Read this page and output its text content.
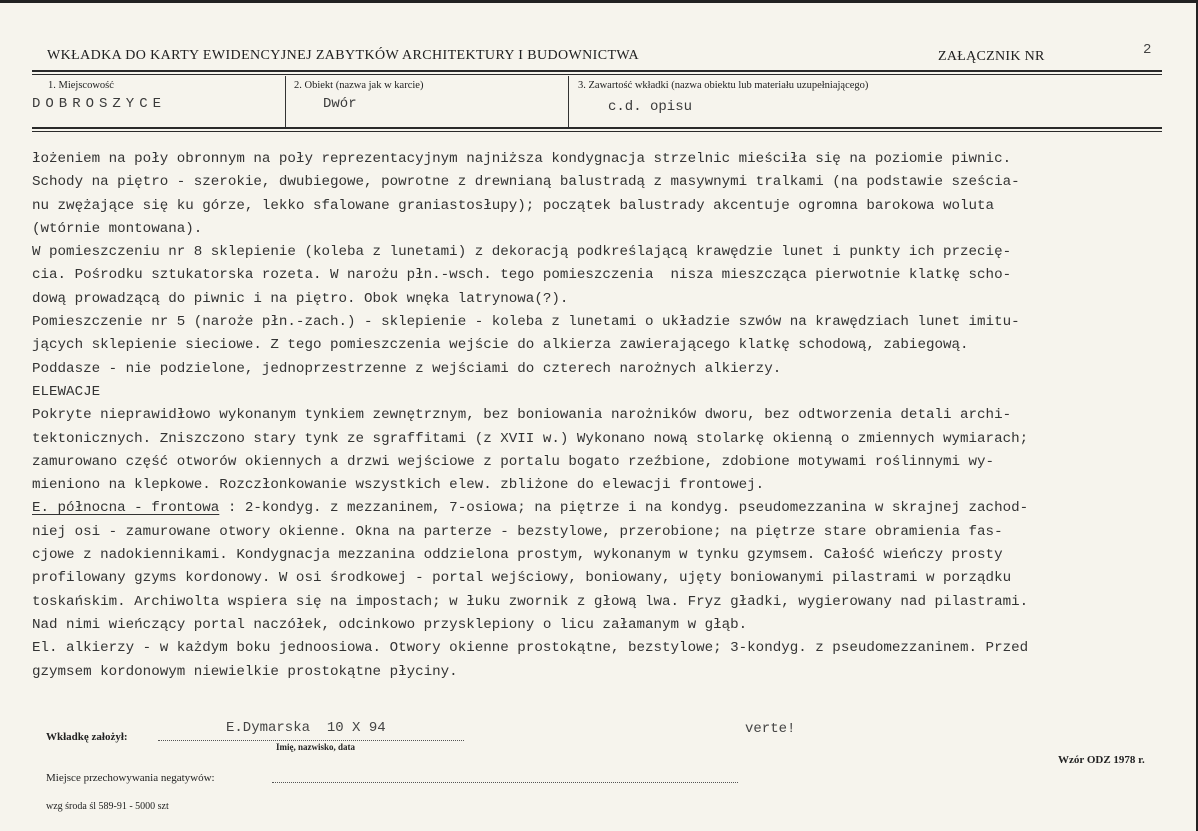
WKŁADKA DO KARTY EWIDENCYJNEJ ZABYTKÓW ARCHITEKTURY I BUDOWNICTWA	ZAŁĄCZNIK NR	2
1. Miejscowość	2. Obiekt (nazwa jak w karcie)	3. Zawartość wkładki (nazwa obiektu lub materiału uzupełniającego)
DOBROSZYCE	Dwór	c.d. opisu
łożeniem na poły obronnym na poły reprezentacyjnym najniższa kondygnacja strzelnic mieściła się na poziomie piwnic.
Schody na piętro - szerokie, dwubiegowe, powrotne z drewnianą balustradą z masywnymi tralkami (na podstawie sześcia-
nu zwężające się ku górze, lekko sfalowane graniastosłupy); początek balustrady akcentuje ogromna barokowa woluta
(wtórnie montowana).
W pomieszczeniu nr 8 sklepienie (koleba z lunetami) z dekoracją podkreślającą krawędzie lunet i punkty ich przecię-
cia. Pośrodku sztukatorska rozeta. W narożu płn.-wsch. tego pomieszczenia  nisza mieszcząca pierwotnie klatkę scho-
dową prowadzącą do piwnic i na piętro. Obok wnęka latrynowa(?).
Pomieszczenie nr 5 (naroże płn.-zach.) - sklepienie - koleba z lunetami o układzie szwów na krawędziach lunet imitu-
jących sklepienie sieciowe. Z tego pomieszczenia wejście do alkierza zawierającego klatkę schodową, zabiegową.
Poddasze - nie podzielone, jednoprzestrzenne z wejściami do czterech narożnych alkierzy.
ELEWACJE
Pokryte nieprawidłowo wykonanym tynkiem zewnętrznym, bez boniowania narożników dworu, bez odtworzenia detali archi-
tektonicznych. Zniszczono stary tynk ze sgraffitami (z XVII w.) Wykonano nową stolarkę okienną o zmiennych wymiarach;
zamurowano część otworów okiennych a drzwi wejściowe z portalu bogato rzeźbione, zdobione motywami roślinnymi wy-
mieniono na klepkowe. Rozczłonkowanie wszystkich elew. zbliżone do elewacji frontowej.
E. północna - frontowa : 2-kondyg. z mezzaninem, 7-osiowa; na piętrze i na kondyg. pseudomezzanina w skrajnej zachod-
niej osi - zamurowane otwory okienne. Okna na parterze - bezstylowe, przerobione; na piętrze stare obramienia fas-
cjowe z nadokiennikami. Kondygnacja mezzanina oddzielona prostym, wykonanym w tynku gzymsem. Całość wieńczy prosty
profilowany gzyms kordonowy. W osi środkowej - portal wejściowy, boniowany, ujęty boniowanymi pilastrami w porządku
toskańskim. Archiwolta wspiera się na impostach; w łuku zwornik z głową lwa. Fryz gładki, wygierowany nad pilastrami.
Nad nimi wieńczący portal naczółek, odcinkowo przysklepiony o licu załamanym w głąb.
El. alkierzy - w każdym boku jednoosiowa. Otwory okienne prostokątne, bezstylowe; 3-kondyg. z pseudomezzaninem. Przed
gzymsem kordonowym niewielkie prostokątne płyciny.
Wkładkę założył:
E.Dymarska  10 X 94
Imię, nazwisko, data
verte!
Wzór ODZ 1978 r.
Miejsce przechowywania negatywów:
wzg środa śl 589-91 - 5000 szt
